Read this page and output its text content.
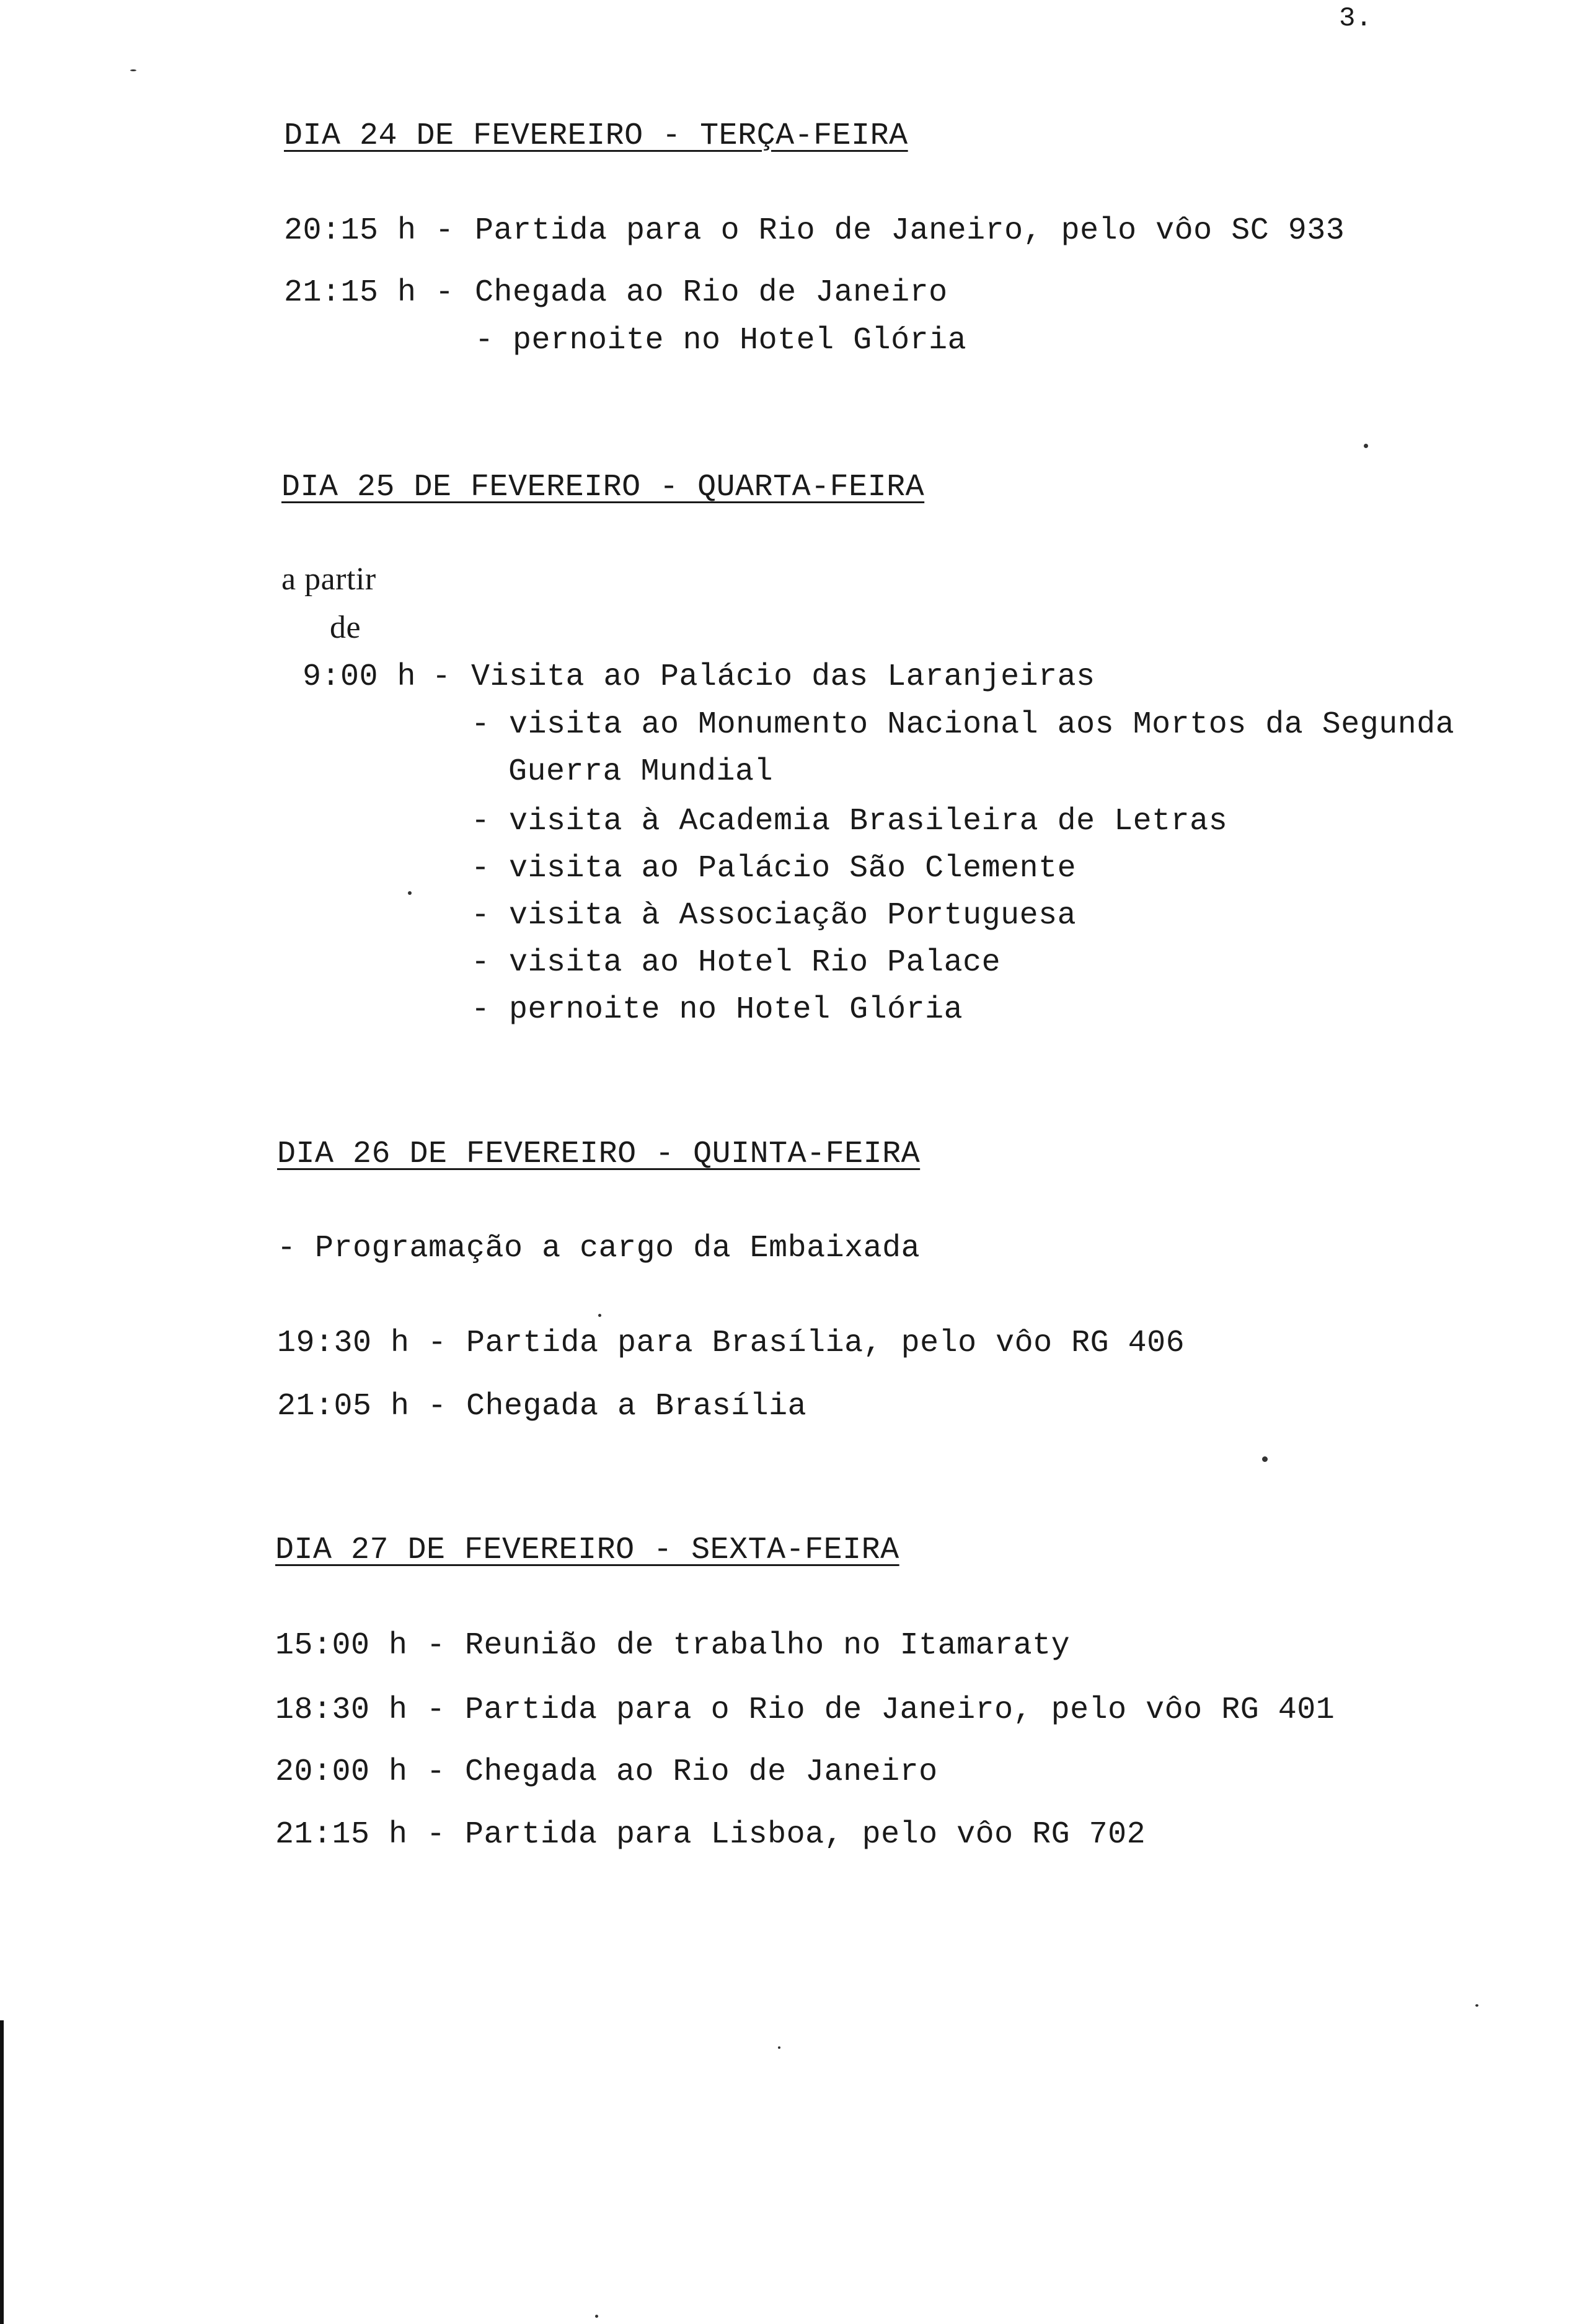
3.
DIA 24 DE FEVEREIRO - TERÇA-FEIRA
20:15 h - Partida para o Rio de Janeiro, pelo vôo SC 933
21:15 h - Chegada ao Rio de Janeiro
- pernoite no Hotel Glória
DIA 25 DE FEVEREIRO - QUARTA-FEIRA
a partir
de
9:00 h - Visita ao Palácio das Laranjeiras
- visita ao Monumento Nacional aos Mortos da Segunda
Guerra Mundial
- visita à Academia Brasileira de Letras
- visita ao Palácio São Clemente
- visita à Associação Portuguesa
- visita ao Hotel Rio Palace
- pernoite no Hotel Glória
DIA 26 DE FEVEREIRO - QUINTA-FEIRA
- Programação a cargo da Embaixada
19:30 h - Partida para Brasília, pelo vôo RG 406
21:05 h - Chegada a Brasília
DIA 27 DE FEVEREIRO - SEXTA-FEIRA
15:00 h - Reunião de trabalho no Itamaraty
18:30 h - Partida para o Rio de Janeiro, pelo vôo RG 401
20:00 h - Chegada ao Rio de Janeiro
21:15 h - Partida para Lisboa, pelo vôo RG 702
